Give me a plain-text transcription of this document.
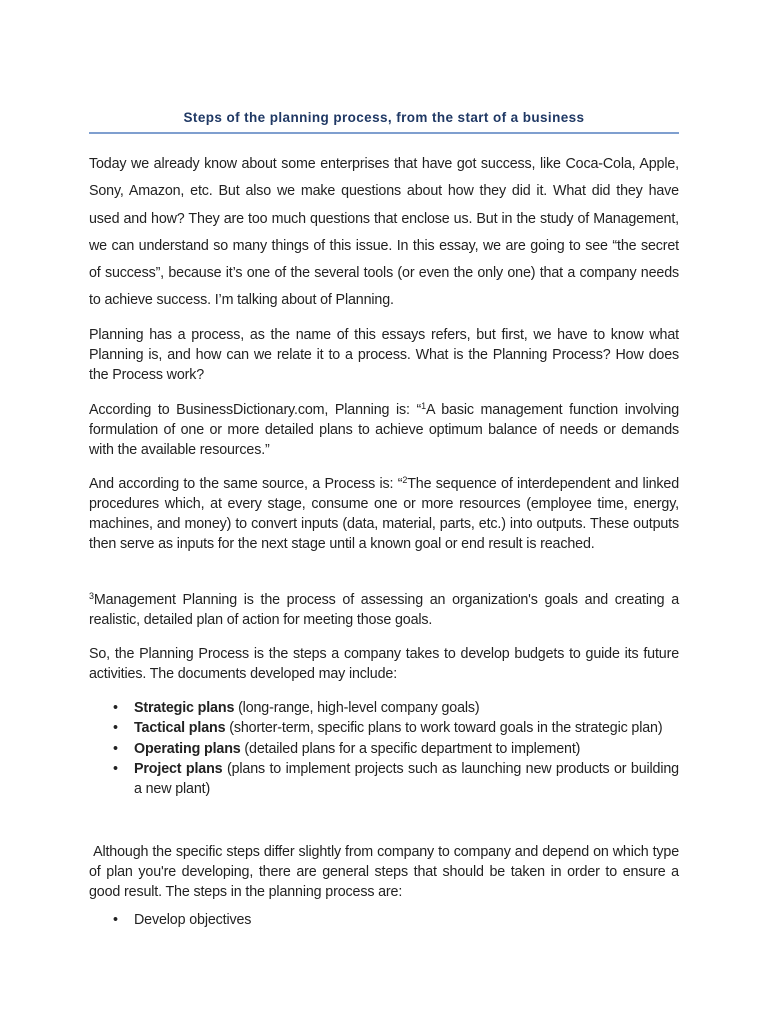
Steps of the planning process, from the start of a business

Today we already know about some enterprises that have got success, like Coca-Cola, Apple, Sony, Amazon, etc. But also we make questions about how they did it. What did they have used and how? They are too much questions that enclose us. But in the study of Management, we can understand so many things of this issue. In this essay, we are going to see “the secret of success”, because it’s one of the several tools (or even the only one) that a company needs to achieve success. I’m talking about of Planning.

Planning has a process, as the name of this essays refers, but first, we have to know what Planning is, and how can we relate it to a process. What is the Planning Process? How does the Process work?

According to BusinessDictionary.com, Planning is: “$^1$A basic management function involving formulation of one or more detailed plans to achieve optimum balance of needs or demands with the available resources.”

And according to the same source, a Process is: “$^2$The sequence of interdependent and linked procedures which, at every stage, consume one or more resources (employee time, energy, machines, and money) to convert inputs (data, material, parts, etc.) into outputs. These outputs then serve as inputs for the next stage until a known goal or end result is reached.

$^3$Management Planning is the process of assessing an organization's goals and creating a realistic, detailed plan of action for meeting those goals.

So, the Planning Process is the steps a company takes to develop budgets to guide its future activities. The documents developed may include:

• Strategic plans (long-range, high-level company goals)
• Tactical plans (shorter-term, specific plans to work toward goals in the strategic plan)
• Operating plans (detailed plans for a specific department to implement)
• Project plans (plans to implement projects such as launching new products or building a new plant)

Although the specific steps differ slightly from company to company and depend on which type of plan you're developing, there are general steps that should be taken in order to ensure a good result. The steps in the planning process are:

• Develop objectives
